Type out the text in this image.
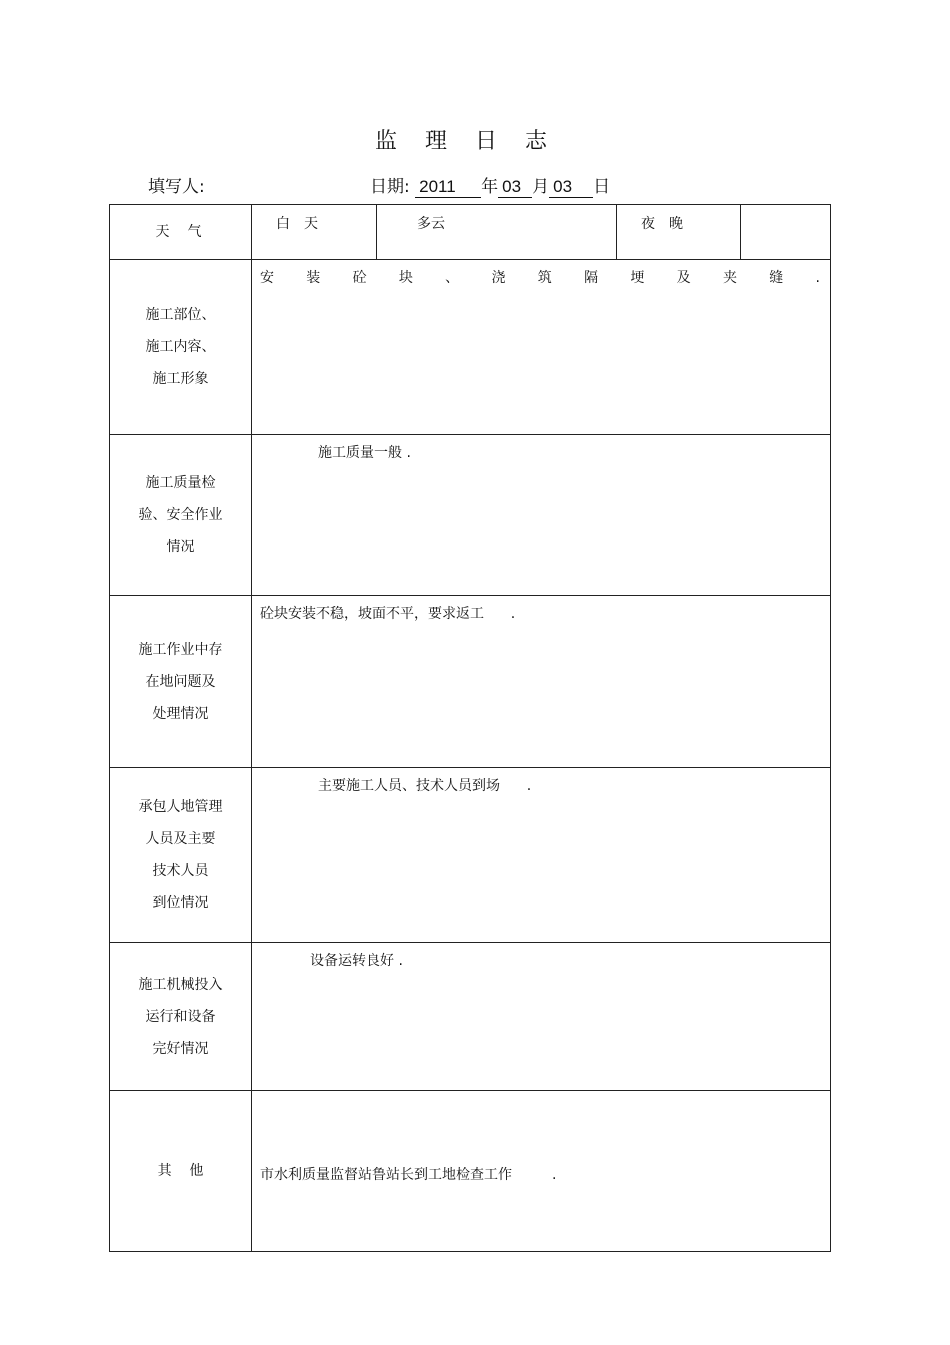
监理日志
填写人:	日期: 2011 年 03 月 03 日
天气	白天	多云	夜晚	

施工部位、
施工内容、
施工形象	安装砼块、浇筑隔埂及夹缝.			

施工质量检
验、安全作业
情况	施工质量一般 .			

施工作业中存
在地问题及
处理情况	砼块安装不稳，坡面不平，要求返工      .			

承包人地管理
人员及主要
技术人员
到位情况	主要施工人员、技术人员到场      .			

施工机械投入
运行和设备
完好情况	设备运转良好 .			

其    他	市水利质量监督站鲁站长到工地检查工作         .			
